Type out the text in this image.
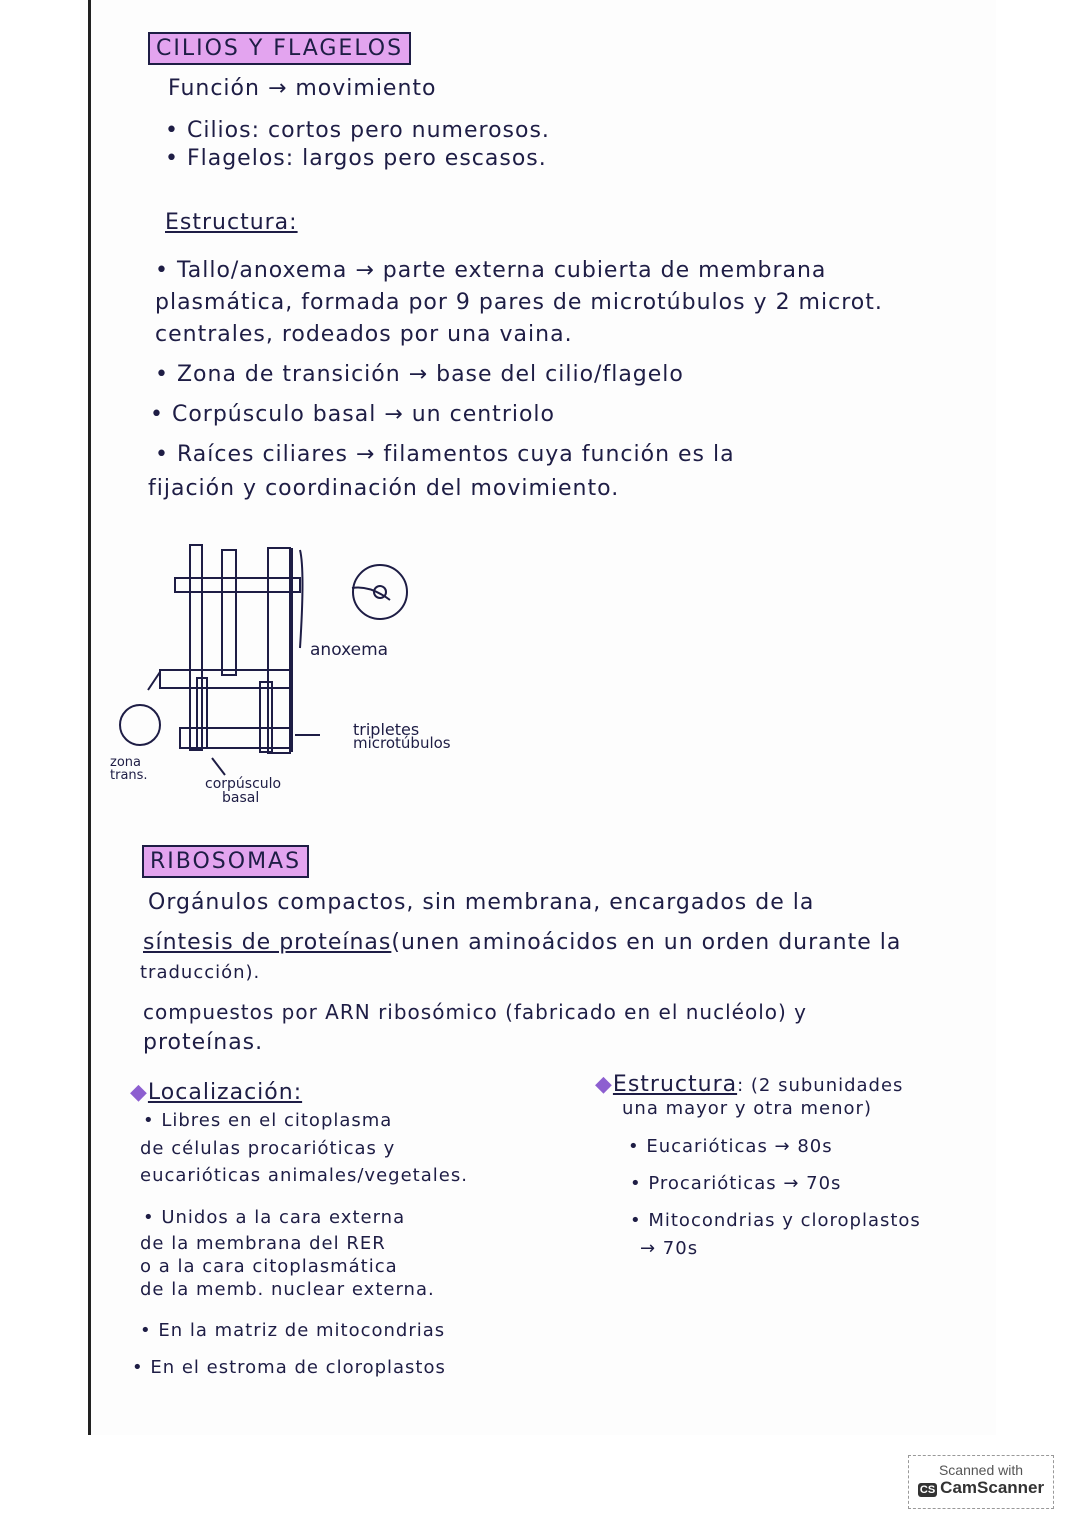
CILIOS Y FLAGELOS
Función → movimiento
• Cilios: cortos pero numerosos.
• Flagelos: largos pero escasos.
Estructura:
• Tallo/anoxema → parte externa cubierta de membrana
plasmática, formada por 9 pares de microtúbulos y 2 microt.
centrales, rodeados por una vaina.
• Zona de transición → base del cilio/flagelo
• Corpúsculo basal → un centriolo
• Raíces ciliares → filamentos cuya función es la
fijación y coordinación del movimiento.
anoxema
tripletes
microtúbulos
zona
trans.
corpúsculo
basal
RIBOSOMAS
Orgánulos compactos, sin membrana, encargados de la
síntesis de proteínas(unen aminoácidos en un orden durante la
traducción).
compuestos por ARN ribosómico (fabricado en el nucléolo) y
proteínas.
◆Localización:
• Libres en el citoplasma
de células procarióticas y
eucarióticas animales/vegetales.
• Unidos a la cara externa
de la membrana del RER
o a la cara citoplasmática
de la memb. nuclear externa.
• En la matriz de mitocondrias
• En el estroma de cloroplastos
◆Estructura: (2 subunidades
una mayor y otra menor)
• Eucarióticas → 80s
• Procarióticas → 70s
• Mitocondrias y cloroplastos
→ 70s
Scanned with
CS CamScanner
